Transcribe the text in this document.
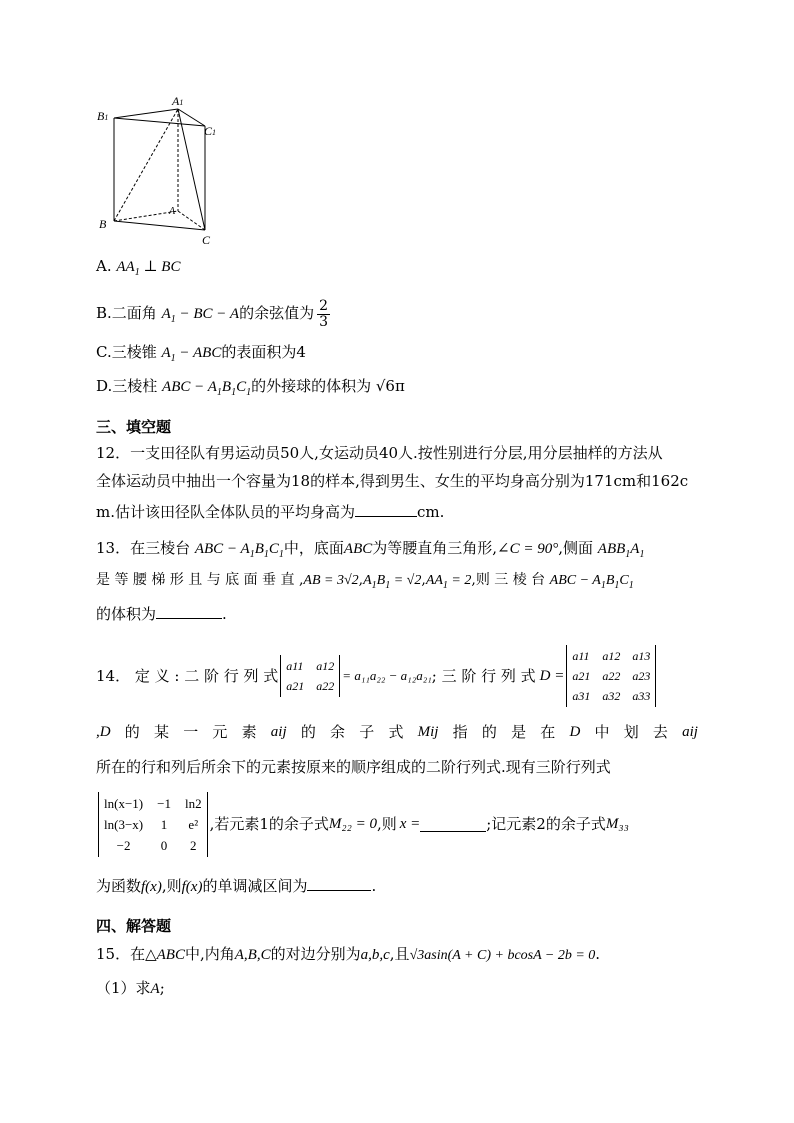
A1
B1
C1
A
B
C
A. $AA_1$ ⊥ BC
B.二面角 $A_1$ − BC − A的余弦值为 $\frac{2}{3}$
C.三棱锥 $A_1$ − ABC的表面积为4
D.三棱柱 ABC − $A_1B_1C_1$的外接球的体积为 √6π
三、填空题
12．一支田径队有男运动员50人,女运动员40人.按性别进行分层,用分层抽样的方法从
全体运动员中抽出一个容量为18的样本,得到男生、女生的平均身高分别为171cm和162c
m.估计该田径队全体队员的平均身高为	cm.
13．在三棱台 ABC − $A_1B_1C_1$中，底面ABC为等腰直角三角形,∠C = 90°,侧面 $ABB_1A_1$
是 等 腰 梯 形 且 与 底 面 垂 直 $,AB = 3√2,A_1B_1 = √2,AA_1 = 2$,则 三 棱 台 ABC − $A_1B_1C_1$
的体积为	.
14． 定 义 : 二 阶 行 列 式
a11 a12
a21 a22
= a₁₁a₂₂ − a₁₂a₂₁ ; 三 阶 行 列 式 D =
a11 a12 a13
a21 a22 a23
a31 a32 a33
,D 的 某 一 元 素 aij 的 余 子 式 Mij 指 的 是 在 D 中 划 去 aij
所在的行和列后所余下的元素按原来的顺序组成的二阶行列式.现有三阶行列式
ln(x−1) −1 ln2
ln(3−x) 1 e²
−2	0	2
,若元素1的余子式 M₂₂ = 0 ,则 x =	;记元素2的余子式 M₃₃
为函数f(x),则f(x)的单调减区间为	.
四、解答题
15．在△ABC中,内角A,B,C的对边分别为a,b,c,且√3asin(A + C) + bcosA − 2b = 0.
（1）求A;
